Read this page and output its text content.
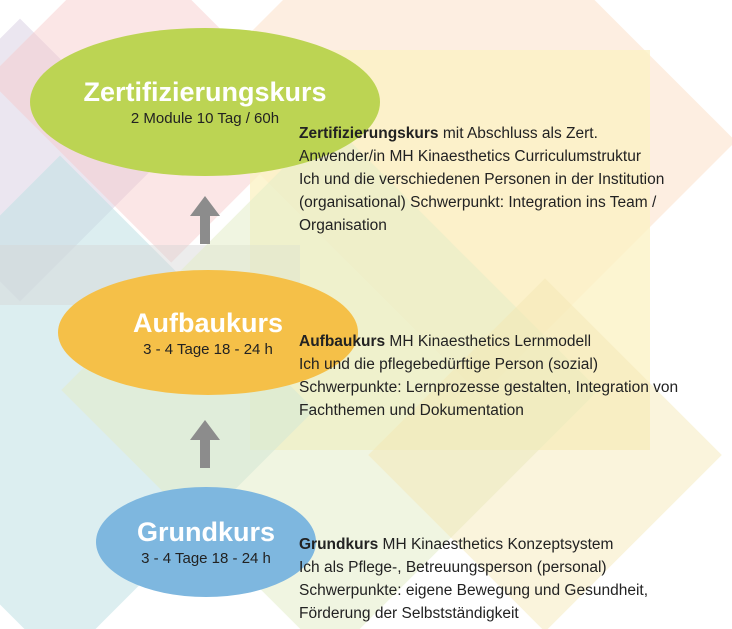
Zertifizierungskurs
2 Module 10 Tag / 60h
Aufbaukurs
3 - 4 Tage 18 - 24 h
Grundkurs
3 - 4 Tage 18 - 24 h
Zertifizierungskurs mit Abschluss als Zert.
Anwender/in MH Kinaesthetics Curriculumstruktur
Ich und die verschiedenen Personen in der Institution
(organisational) Schwerpunkt: Integration ins Team /
Organisation
Aufbaukurs MH Kinaesthetics Lernmodell
Ich und die pflegebedürftige Person (sozial)
Schwerpunkte: Lernprozesse gestalten, Integration von
Fachthemen und Dokumentation
Grundkurs MH Kinaesthetics Konzeptsystem
Ich als Pflege-, Betreuungsperson (personal)
Schwerpunkte: eigene Bewegung und Gesundheit,
Förderung der Selbstständigkeit
